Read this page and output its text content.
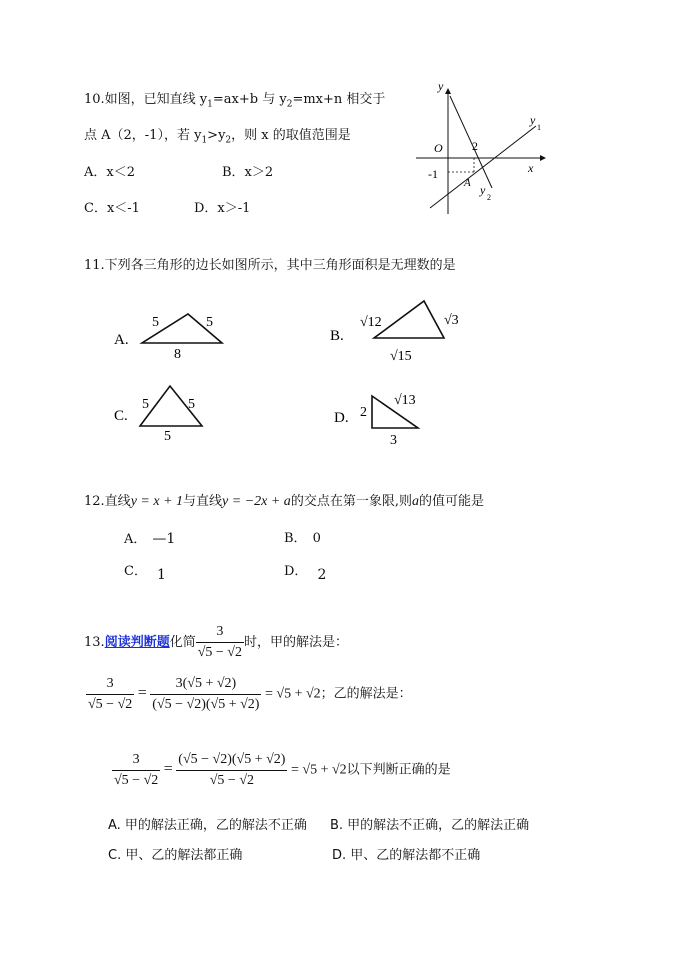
10.如图，已知直线 $y_1=ax+b$ 与 $y_2=mx+n$ 相交于
点 A（2，-1），若 $y_1>y_2$，则 x 的取值范围是
A．x＜2	B．x＞2
C．x＜-1	D．x＞-1
y
x
O 2
-1
A
y
1
y
2
11.下列各三角形的边长如图所示，其中三角形面积是无理数的是
A.
5	5
8
B.
√12	√3
√15
C.
5	5
5
D. 2
√13
3
12.直线y = x + 1与直线y = −2x + a的交点在第一象限,则a的值可能是
A． —1	B． 0
C． 1	D． 2
13.阅读判断题化简 $\frac{3}{√5 - √2}$ 时，甲的解法是：
$\frac{3}{√5 - √2} = \frac{3(√5 + √2)}{(√5 - √2)(√5 + √2)} = √5 + √2$；乙的解法是：
$\frac{3}{√5 - √2} = \frac{(√5 - √2)(√5 + √2)}{√5 - √2} = √5 + √2$以下判断正确的是
A. 甲的解法正确，乙的解法不正确 B. 甲的解法不正确，乙的解法正确
C. 甲、乙的解法都正确	D. 甲、乙的解法都不正确
